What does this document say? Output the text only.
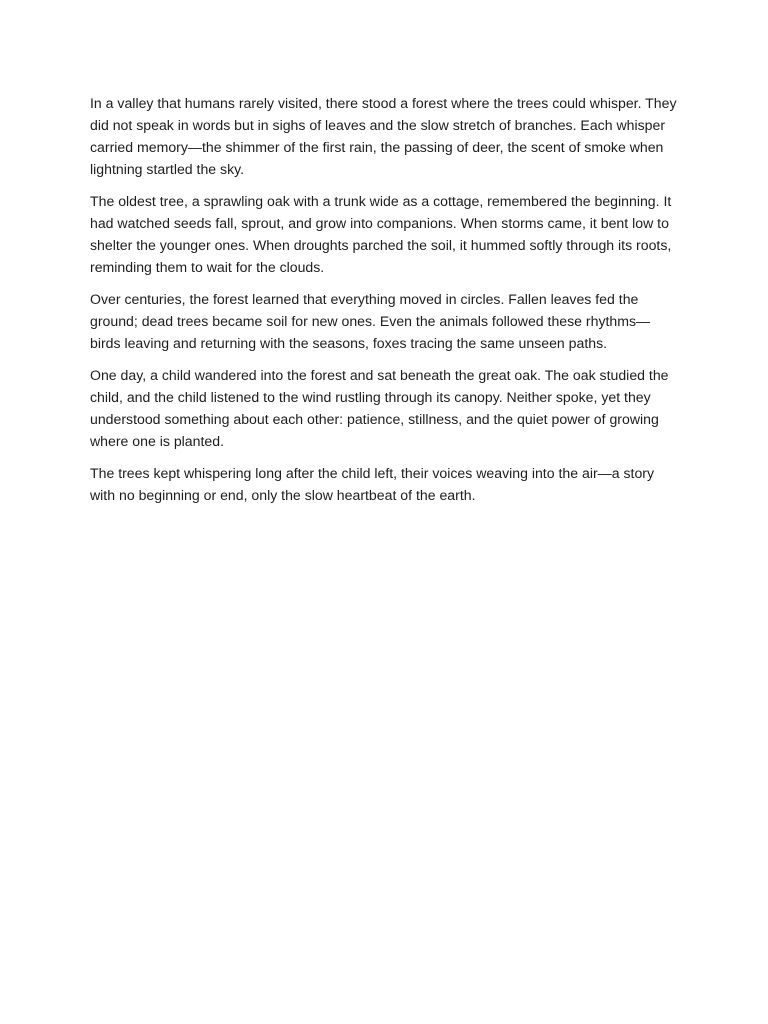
In a valley that humans rarely visited, there stood a forest where the trees could whisper. They did not speak in words but in sighs of leaves and the slow stretch of branches. Each whisper carried memory—the shimmer of the first rain, the passing of deer, the scent of smoke when lightning startled the sky.

The oldest tree, a sprawling oak with a trunk wide as a cottage, remembered the beginning. It had watched seeds fall, sprout, and grow into companions. When storms came, it bent low to shelter the younger ones. When droughts parched the soil, it hummed softly through its roots, reminding them to wait for the clouds.

Over centuries, the forest learned that everything moved in circles. Fallen leaves fed the ground; dead trees became soil for new ones. Even the animals followed these rhythms—birds leaving and returning with the seasons, foxes tracing the same unseen paths.

One day, a child wandered into the forest and sat beneath the great oak. The oak studied the child, and the child listened to the wind rustling through its canopy. Neither spoke, yet they understood something about each other: patience, stillness, and the quiet power of growing where one is planted.

The trees kept whispering long after the child left, their voices weaving into the air—a story with no beginning or end, only the slow heartbeat of the earth.
